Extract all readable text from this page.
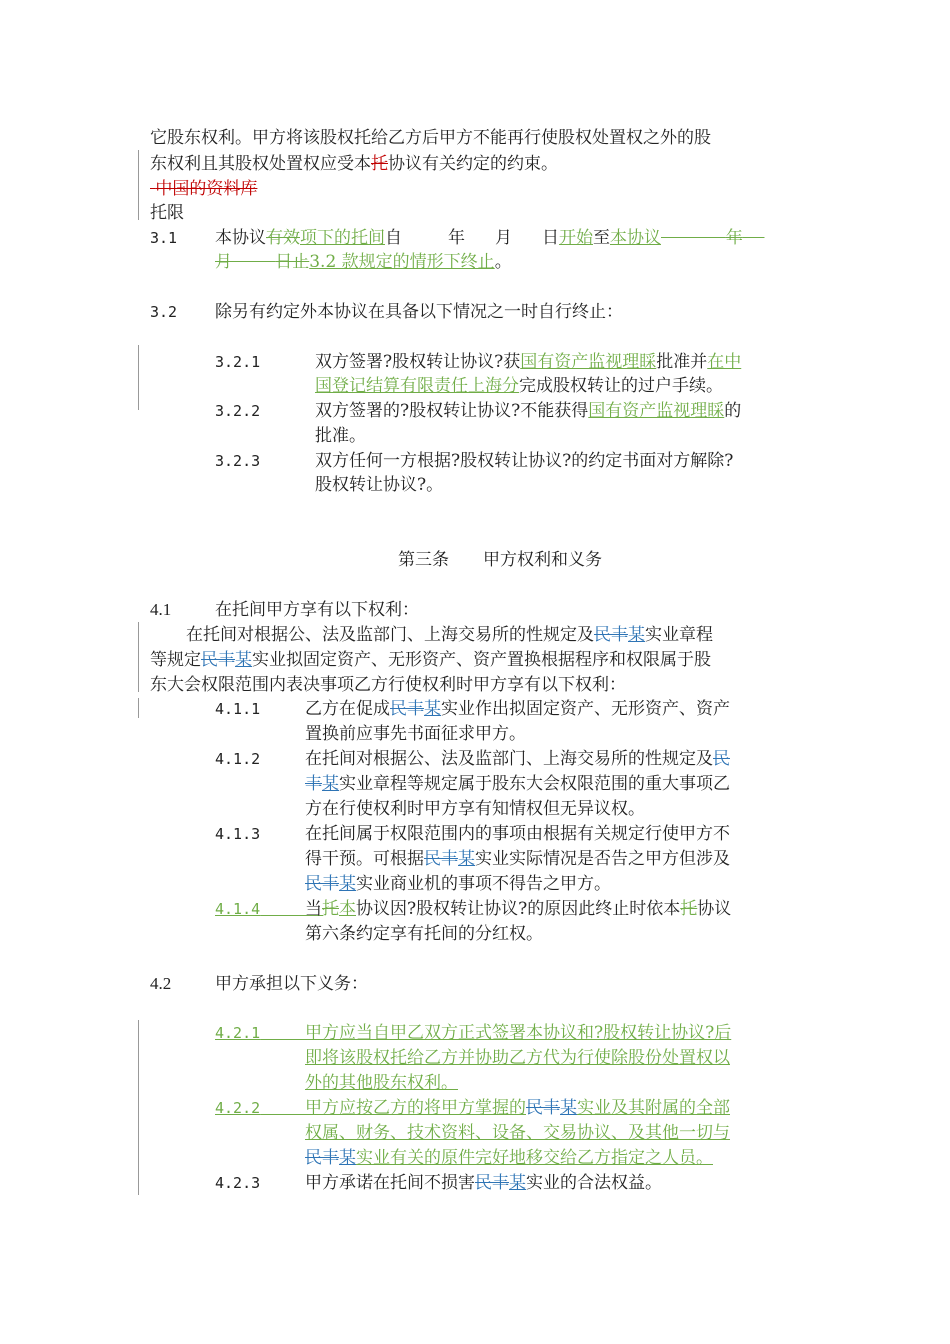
它股东权利。甲方将该股权托给乙方后甲方不能再行使股权处置权之外的股
东权利且其股权处置权应受本托协议有关约定的约束。
中国的资料库
托限
3.1 本协议有效项下的托间自	年 月 日开始至本协议	年
月	日止3.2 款规定的情形下终止。
3.2 除另有约定外本协议在具备以下情况之一时自行终止：
3.2.1	双方签署?股权转让协议?获国有资产监视理睬批准并在中
国登记结算有限责任上海分完成股权转让的过户手续。
3.2.2	双方签署的?股权转让协议?不能获得国有资产监视理睬的
批准。
3.2.3	双方任何一方根据?股权转让协议?的约定书面对方解除?
股权转让协议?。
第三条 甲方权利和义务
4.1	在托间甲方享有以下权利：
在托间对根据公、法及监部门、上海交易所的性规定及民丰某实业章程
等规定民丰某实业拟固定资产、无形资产、资产置换根据程序和权限属于股
东大会权限范围内表决事项乙方行使权利时甲方享有以下权利：
4.1.1	乙方在促成民丰某实业作出拟固定资产、无形资产、资产
置换前应事先书面征求甲方。
4.1.2	在托间对根据公、法及监部门、上海交易所的性规定及民
丰某实业章程等规定属于股东大会权限范围的重大事项乙
方在行使权利时甲方享有知情权但无异议权。
4.1.3	在托间属于权限范围内的事项由根据有关规定行使甲方不
得干预。可根据民丰某实业实际情况是否告之甲方但涉及
民丰某实业商业机的事项不得告之甲方。
4.1.4	当托本协议因?股权转让协议?的原因此终止时依本托协议
第六条约定享有托间的分红权。
4.2	甲方承担以下义务：
4.2.1	甲方应当自甲乙双方正式签署本协议和?股权转让协议?后
即将该股权托给乙方并协助乙方代为行使除股份处置权以
外的其他股东权利。
4.2.2	甲方应按乙方的将甲方掌握的民丰某实业及其附属的全部
权属、财务、技术资料、设备、交易协议、及其他一切与
民丰某实业有关的原件完好地移交给乙方指定之人员。
4.2.3	甲方承诺在托间不损害民丰某实业的合法权益。
